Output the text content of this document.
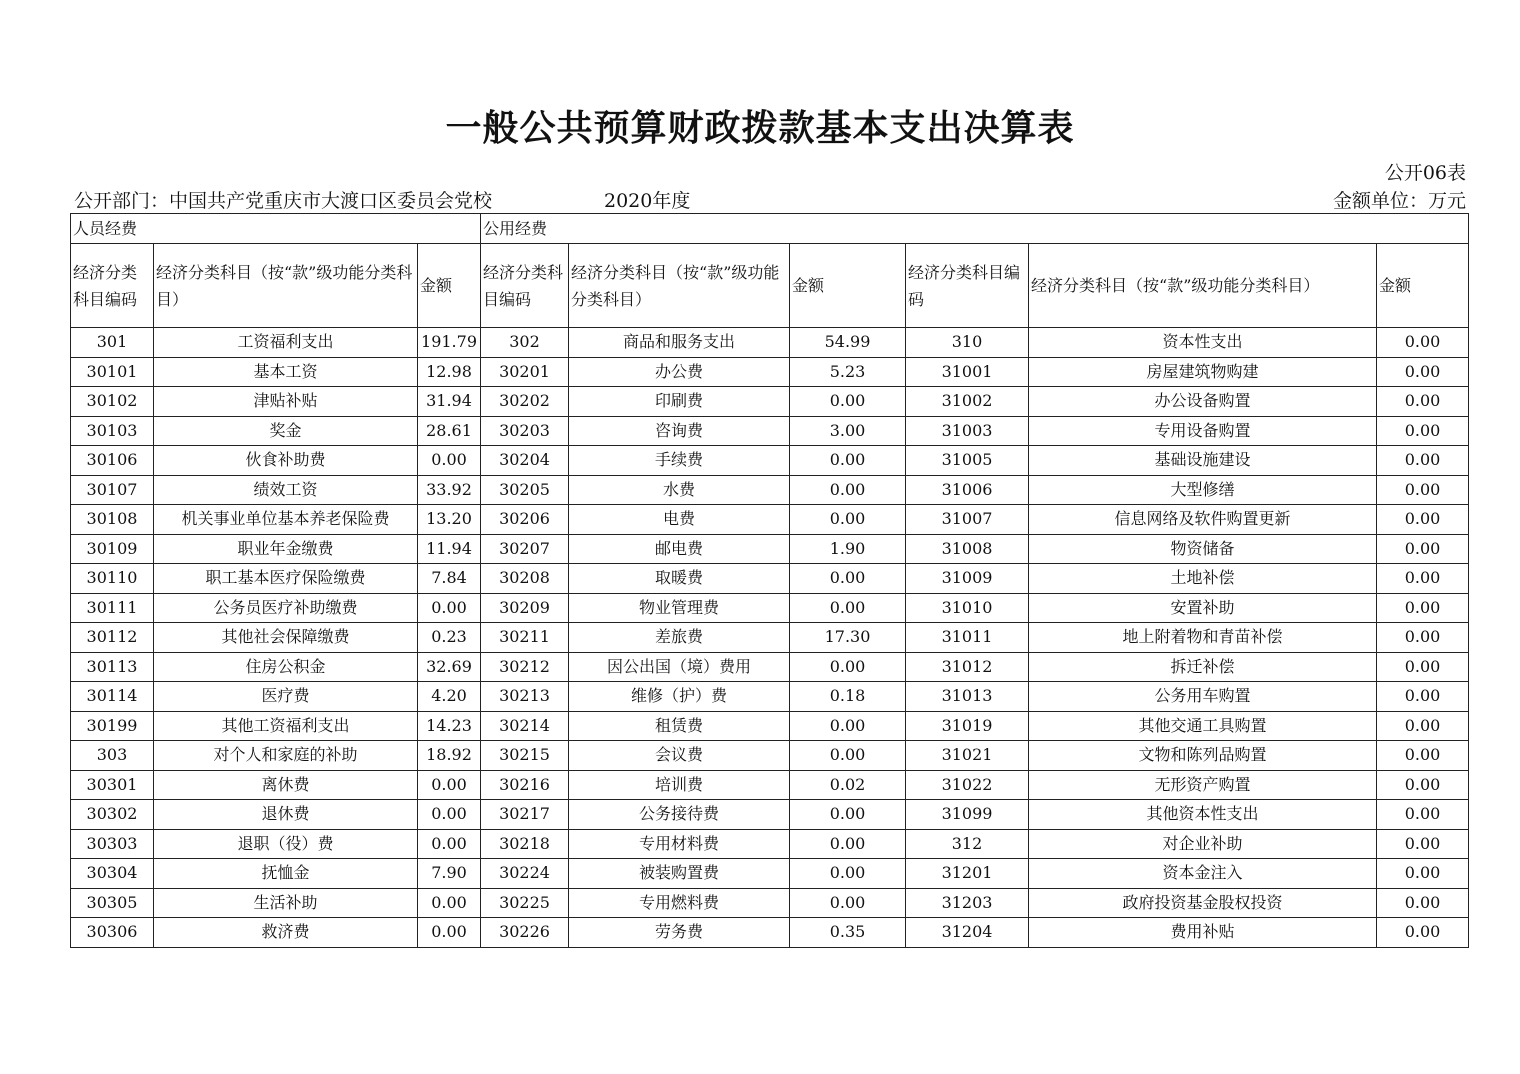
一般公共预算财政拨款基本支出决算表
公开06表
公开部门：中国共产党重庆市大渡口区委员会党校	2020年度	金额单位：万元
人员经费			公用经费					
经济分类科目编码	经济分类科目（按“款”级功能分类科目）	金额	经济分类科目编码	经济分类科目（按“款”级功能分类科目）	金额	经济分类科目编码	经济分类科目（按“款”级功能分类科目）	金额
301	工资福利支出	191.79	302	商品和服务支出	54.99	310	资本性支出	0.00
30101	基本工资	12.98	30201	办公费	5.23	31001	房屋建筑物购建	0.00
30102	津贴补贴	31.94	30202	印刷费	0.00	31002	办公设备购置	0.00
30103	奖金	28.61	30203	咨询费	3.00	31003	专用设备购置	0.00
30106	伙食补助费	0.00	30204	手续费	0.00	31005	基础设施建设	0.00
30107	绩效工资	33.92	30205	水费	0.00	31006	大型修缮	0.00
30108	机关事业单位基本养老保险费	13.20	30206	电费	0.00	31007	信息网络及软件购置更新	0.00
30109	职业年金缴费	11.94	30207	邮电费	1.90	31008	物资储备	0.00
30110	职工基本医疗保险缴费	7.84	30208	取暖费	0.00	31009	土地补偿	0.00
30111	公务员医疗补助缴费	0.00	30209	物业管理费	0.00	31010	安置补助	0.00
30112	其他社会保障缴费	0.23	30211	差旅费	17.30	31011	地上附着物和青苗补偿	0.00
30113	住房公积金	32.69	30212	因公出国（境）费用	0.00	31012	拆迁补偿	0.00
30114	医疗费	4.20	30213	维修（护）费	0.18	31013	公务用车购置	0.00
30199	其他工资福利支出	14.23	30214	租赁费	0.00	31019	其他交通工具购置	0.00
303	对个人和家庭的补助	18.92	30215	会议费	0.00	31021	文物和陈列品购置	0.00
30301	离休费	0.00	30216	培训费	0.02	31022	无形资产购置	0.00
30302	退休费	0.00	30217	公务接待费	0.00	31099	其他资本性支出	0.00
30303	退职（役）费	0.00	30218	专用材料费	0.00	312	对企业补助	0.00
30304	抚恤金	7.90	30224	被装购置费	0.00	31201	资本金注入	0.00
30305	生活补助	0.00	30225	专用燃料费	0.00	31203	政府投资基金股权投资	0.00
30306	救济费	0.00	30226	劳务费	0.35	31204	费用补贴	0.00
